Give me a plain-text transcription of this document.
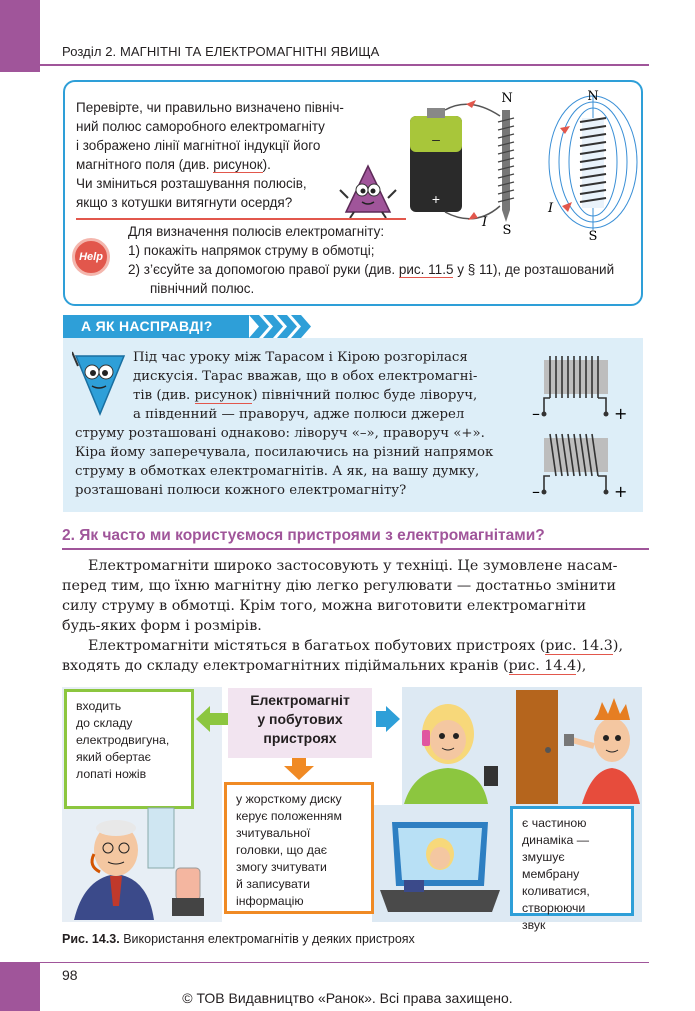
Розділ 2. МАГНІТНІ ТА ЕЛЕКТРОМАГНІТНІ ЯВИЩА
Перевірте, чи правильно визначено північ-
ний полюс саморобного електромагніту
і зображено лінії магнітної індукції його
магнітного поля (див. рисунок).
Чи зміниться розташування полюсів,
якщо з котушки витягнути осердя?
–
+
N
S
I
N
S
I
Help
Для визначення полюсів електромагніту:
1) покажіть напрямок струму в обмотці;
2) з’єсуйте за допомогою правої руки (див. рис. 11.5 у § 11), де розташований
північний полюс.
А ЯК НАСПРАВДІ?
Під час уроку між Тарасом і Кірою розгорілася
дискусія. Тарас вважав, що в обох електромагні-
тів (див. рисунок) північний полюс буде ліворуч,
а південний — праворуч, адже полюси джерел
струму розташовані однаково: ліворуч «–», праворуч «+».
Кіра йому заперечувала, посилаючись на різний напрямок
струму в обмотках електромагнітів. А як, на вашу думку,
розташовані полюси кожного електромагніту?
–	+
–	+
2. Як часто ми користуємося пристроями з електромагнітами?
Електромагніти широко застосовують у техніці. Це зумовлене насам-
перед тим, що їхню магнітну дію легко регулювати — достатньо змінити
силу струму в обмотці. Крім того, можна виготовити електромагніти
будь-яких форм і розмірів.
Електромагніти містяться в багатьох побутових пристроях (рис. 14.3),
входять до складу електромагнітних підіймальних кранів (рис. 14.4),
входить
до складу
електродвигуна,
який обертає
лопаті ножів
Електромагніт
у побутових
пристроях
у жорсткому диску
керує положенням
зчитувальної
головки, що дає
змогу зчитувати
й записувати
інформацію
є частиною
динаміка —
змушує мембрану
коливатися,
створюючи
звук
Рис. 14.3. Використання електромагнітів у деяких пристроях
98
© ТОВ Видавництво «Ранок». Всі права захищено.
